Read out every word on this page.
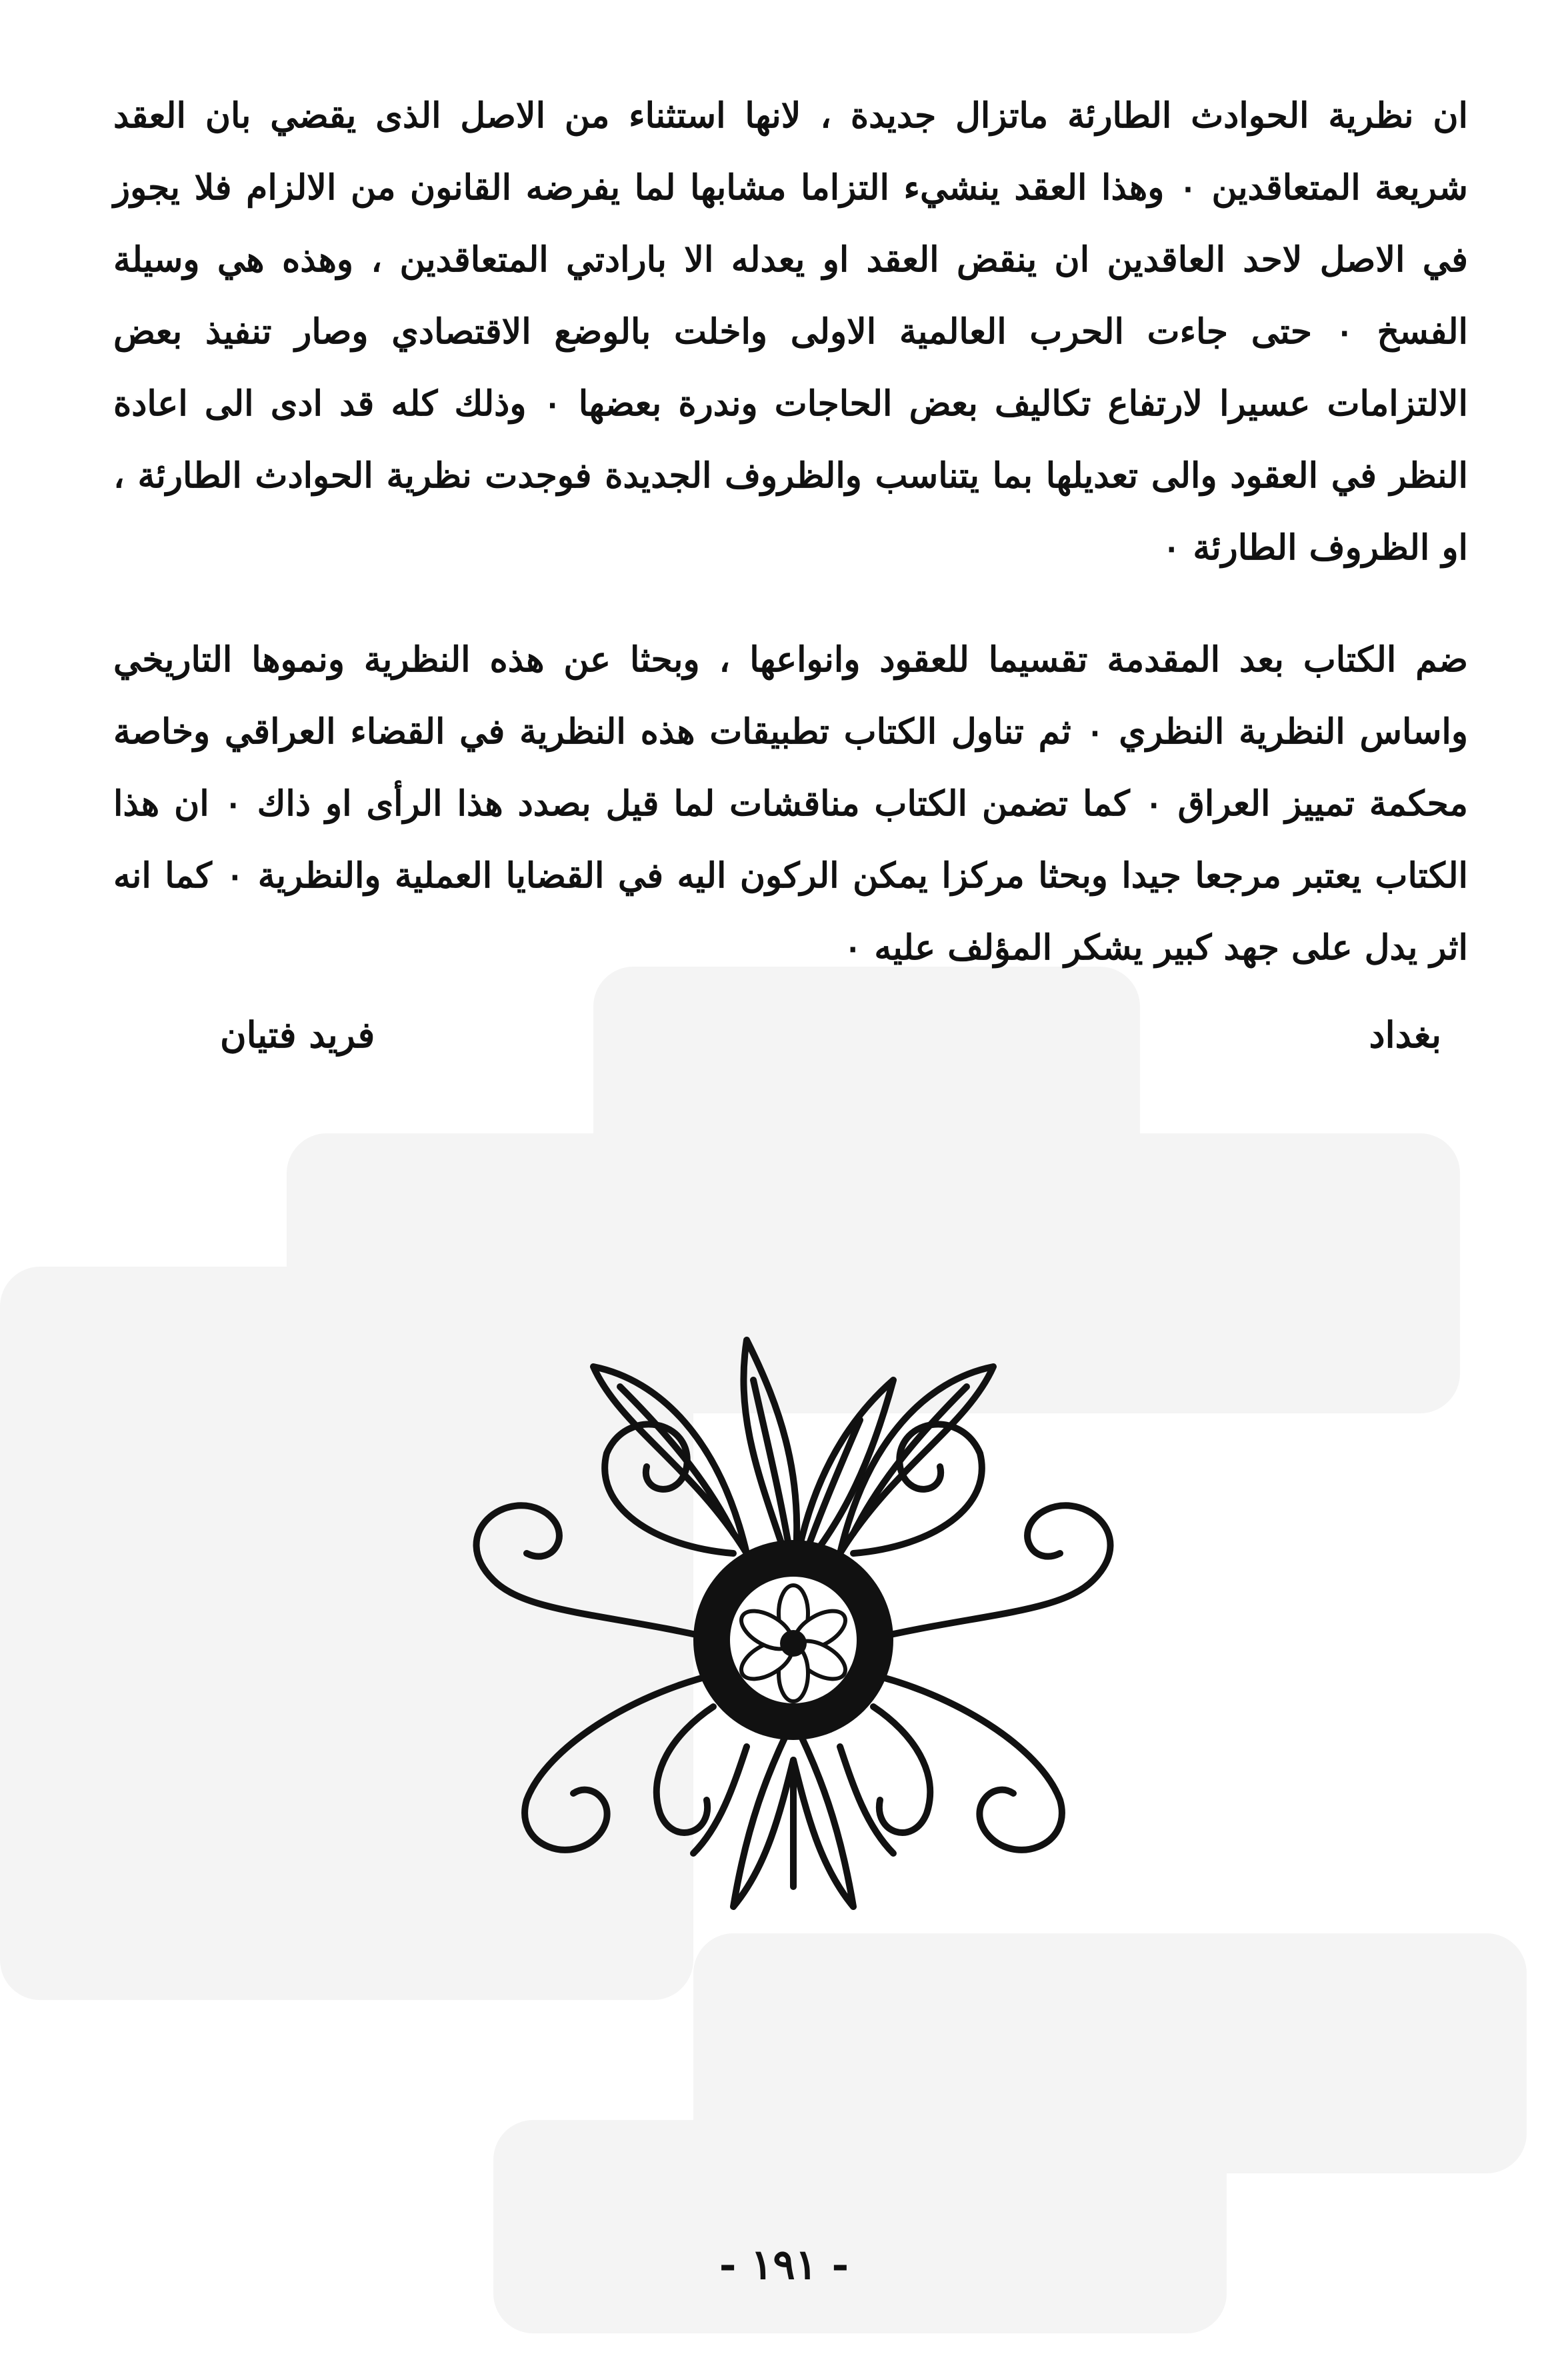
ان نظرية الحوادث الطارئة ماتزال جديدة ، لانها استثناء من الاصل الذى يقضي بان العقد شريعة المتعاقدين ٠ وهذا العقد ينشيء التزاما مشابها لما يفرضه القانون من الالزام فلا يجوز في الاصل لاحد العاقدين ان ينقض العقد او يعدله الا بارادتي المتعاقدين ، وهذه هي وسيلة الفسخ ٠ حتى جاءت الحرب العالمية الاولى واخلت بالوضع الاقتصادي وصار تنفيذ بعض الالتزامات عسيرا لارتفاع تكاليف بعض الحاجات وندرة بعضها ٠ وذلك كله قد ادى الى اعادة النظر في العقود والى تعديلها بما يتناسب والظروف الجديدة فوجدت نظرية الحوادث الطارئة ، او الظروف الطارئة ٠

ضم الكتاب بعد المقدمة تقسيما للعقود وانواعها ، وبحثا عن هذه النظرية ونموها التاريخي واساس النظرية النظري ٠ ثم تناول الكتاب تطبيقات هذه النظرية في القضاء العراقي وخاصة محكمة تمييز العراق ٠ كما تضمن الكتاب مناقشات لما قيل بصدد هذا الرأى او ذاك ٠ ان هذا الكتاب يعتبر مرجعا جيدا وبحثا مركزا يمكن الركون اليه في القضايا العملية والنظرية ٠ كما انه اثر يدل على جهد كبير يشكر المؤلف عليه ٠

بغداد
فريد فتيان
- ١٩١ -
